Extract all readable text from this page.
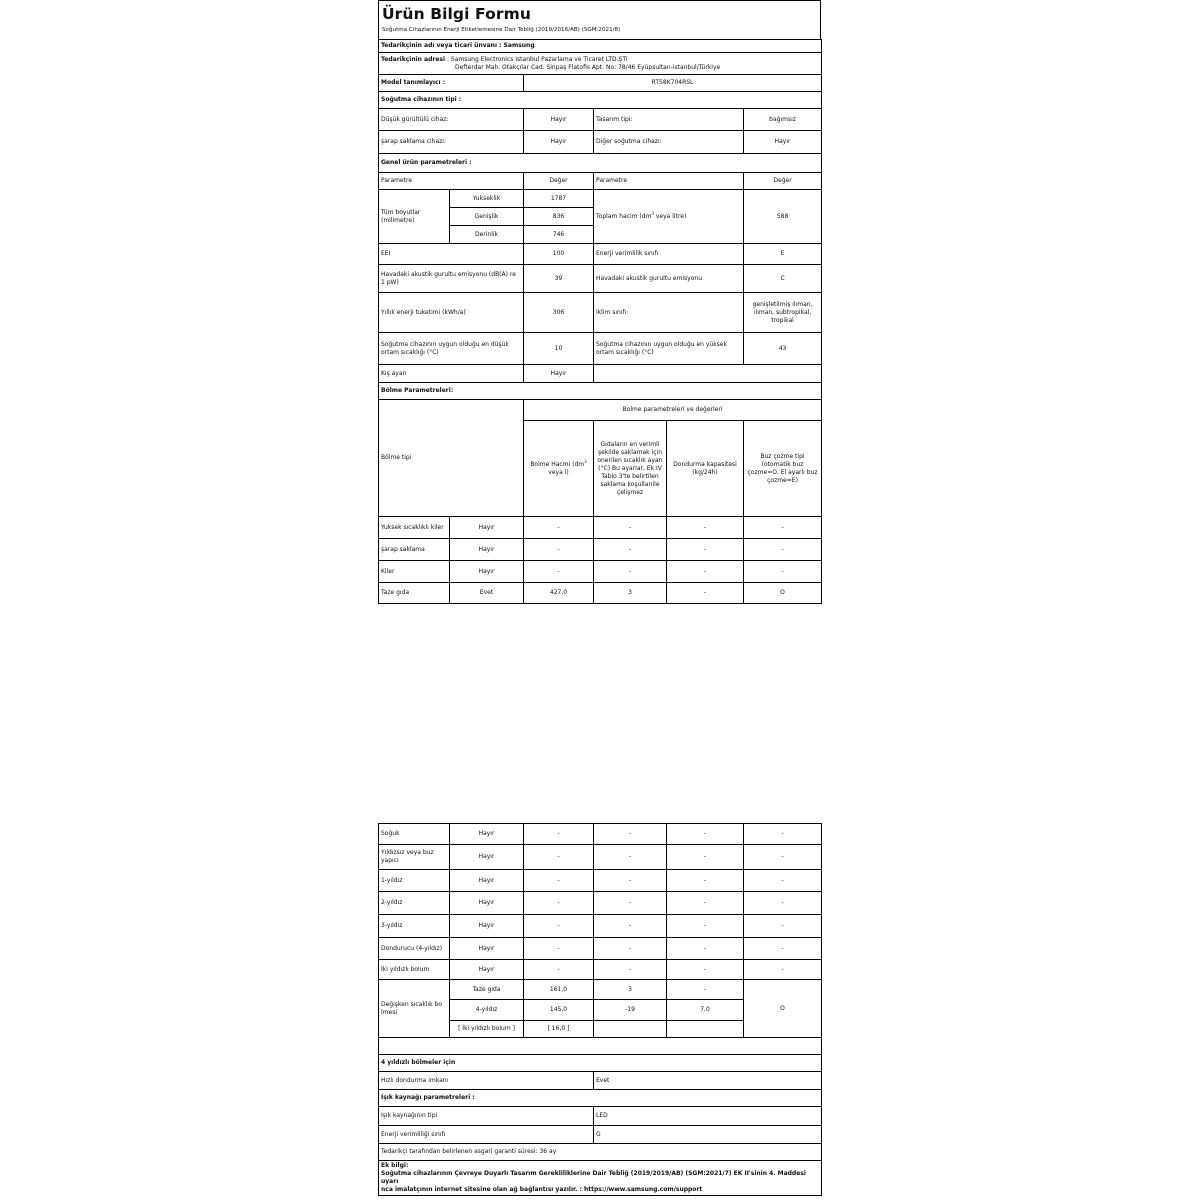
Ürün Bilgi Formu
Soğutma Cihazlarının Enerji Etiketlemesine Dair Tebliğ (2019/2016/AB) (SGM:2021/8)
Tedarikçinin adı veya ticari ünvanı : Samsung					

Tedarikçinin adresi : Samsung Electronics Istanbul Pazarlama ve Ticaret LTD.ŞTi
Defterdar Mah. Otakçılar Cad. Sinpaş Flatofis Apt. No: 78/46 Eyüpsultan-istanbul/Türkiye					

Model tanımlayıcı :		RT58K704RSL			
Soğutma cihazının tipi :					
Düşük gürültülü cihaz:		Hayır	Tasarım tipi:		bağımsız
şarap saklama cihazı:		Hayır	Diğer soğutma cihazı:		Hayır
Genel ürün parametreleri :					
Parametre		Değer	Parametre		Değer
Tüm boyutlar (milimetre)	Yukseklik	1787	Toplam hacim ($dm^3$ veya litre)		588
	Genişlik	836			
	Derinlik	746			
EEI		100	Enerji verimlilik sınıfı		E
Havadaki akustik gurultu emisyonu (dB(A) re 1 pW)		39	Havadaki akustik gurultu emisyonu		C
Yıllık enerji tuketimi (kWh/a)		306	iklim sınıfı:		genişletilmiş ılıman, ılıman, subtropikal, tropikal
Soğutma cihazının uygun olduğu en düşük ortam sıcaklığı (°C)		10	Soğutma cihazının uygun olduğu en yüksek ortam sıcaklığı (°C)		43
Kış ayarı		Hayır			
Bölme Parametreleri:					
Bölme tipi		Bolme parametreleri ve değerleri			
		Bolme Hacmi ($dm^3$ veya l)	Gıdaların en verimli şekilde saklamak için onerilen sıcaklık ayarı (°C) Bu ayarlar, Ek IV Tablo 3'te belirtilen saklama koşullarıile çelişmez	Dondurma kapasitesi (kg/24h)	Buz çozme tipi (otomatik buz çozme=O, El ayarlı buz çozme=E)
Yuksek sıcaklıklı kiler	Hayır	-	-	-	-
şarap saklama	Hayır	-	-	-	-
Kiler	Hayır	-	-	-	-
Taze gıda	Evet	427,0	3	-	O
Soğuk	Hayır	-	-	-	-
Yıldızsız veya buz yapıcı	Hayır	-	-	-	-
1-yıldız	Hayır	-	-	-	-
2-yıldız	Hayır	-	-	-	-
3-yıldız	Hayır	-	-	-	-
Dondurucu (4-yıldız)	Hayır	-	-	-	-
İki yıldızlı bolum	Hayır	-	-	-	-
Değişken sıcaklık bo lmesi	Taze gıda	161,0	3	-	O
	4-yıldız	145,0	-19	7,0	
	[ İki yıldızlı bolum ]	[ 16,0 ]			

4 yıldızlı bölmeler için					
Hızlı dondurma imkanı			Evet		
Işık kaynağı parametreleri :					
Işık kaynağının tipi			LED		
Enerji verimliliği sınıfı			G		
Tedarikçi tarafından belirlenen asgari garanti süresi: 36 ay					

Ek bilgi:
Soğutma cihazlarının Çevreye Duyarlı Tasarım Gerekliliklerine Dair Tebliğ (2019/2019/AB) (SGM:2021/7) EK II'sinin 4. Maddesi uyarı
nca imalatçının internet sitesine olan ağ bağlantısı yazılır. : https://www.samsung.com/support					
